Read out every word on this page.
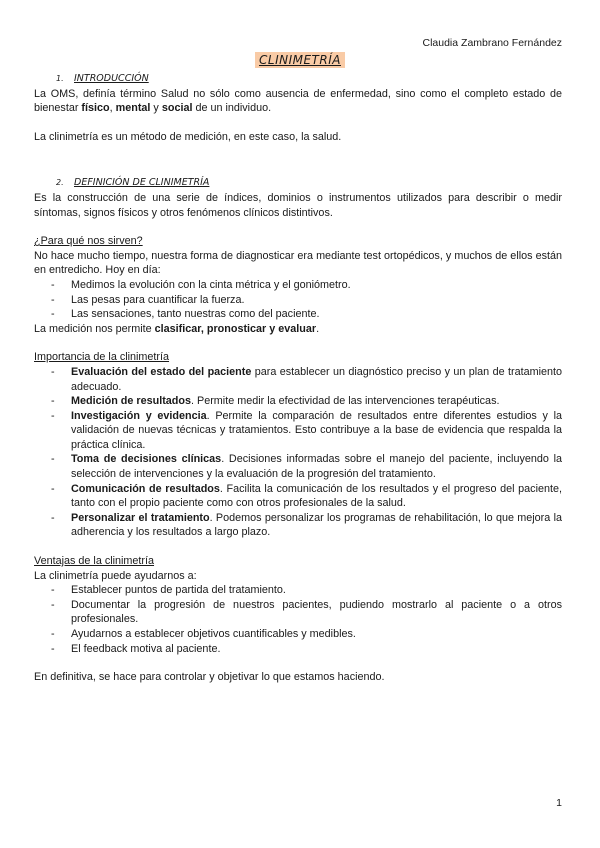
Claudia Zambrano Fernández
CLINIMETRÍA
1. INTRODUCCIÓN

La OMS, definía término Salud no sólo como ausencia de enfermedad, sino como el completo estado de bienestar físico, mental y social de un individuo.

La clinimetría es un método de medición, en este caso, la salud.

2. DEFINICIÓN DE CLINIMETRÍA

Es la construcción de una serie de índices, dominios o instrumentos utilizados para describir o medir síntomas, signos físicos y otros fenómenos clínicos distintivos.

¿Para qué nos sirven?

No hace mucho tiempo, nuestra forma de diagnosticar era mediante test ortopédicos, y muchos de ellos están en entredicho. Hoy en día:

- Medimos la evolución con la cinta métrica y el goniómetro.
- Las pesas para cuantificar la fuerza.
- Las sensaciones, tanto nuestras como del paciente.

La medición nos permite clasificar, pronosticar y evaluar.

Importancia de la clinimetría

- Evaluación del estado del paciente para establecer un diagnóstico preciso y un plan de tratamiento adecuado.
- Medición de resultados. Permite medir la efectividad de las intervenciones terapéuticas.
- Investigación y evidencia. Permite la comparación de resultados entre diferentes estudios y la validación de nuevas técnicas y tratamientos. Esto contribuye a la base de evidencia que respalda la práctica clínica.
- Toma de decisiones clínicas. Decisiones informadas sobre el manejo del paciente, incluyendo la selección de intervenciones y la evaluación de la progresión del tratamiento.
- Comunicación de resultados. Facilita la comunicación de los resultados y el progreso del paciente, tanto con el propio paciente como con otros profesionales de la salud.
- Personalizar el tratamiento. Podemos personalizar los programas de rehabilitación, lo que mejora la adherencia y los resultados a largo plazo.

Ventajas de la clinimetría

La clinimetría puede ayudarnos a:

- Establecer puntos de partida del tratamiento.
- Documentar la progresión de nuestros pacientes, pudiendo mostrarlo al paciente o a otros profesionales.
- Ayudarnos a establecer objetivos cuantificables y medibles.
- El feedback motiva al paciente.

En definitiva, se hace para controlar y objetivar lo que estamos haciendo.

1
